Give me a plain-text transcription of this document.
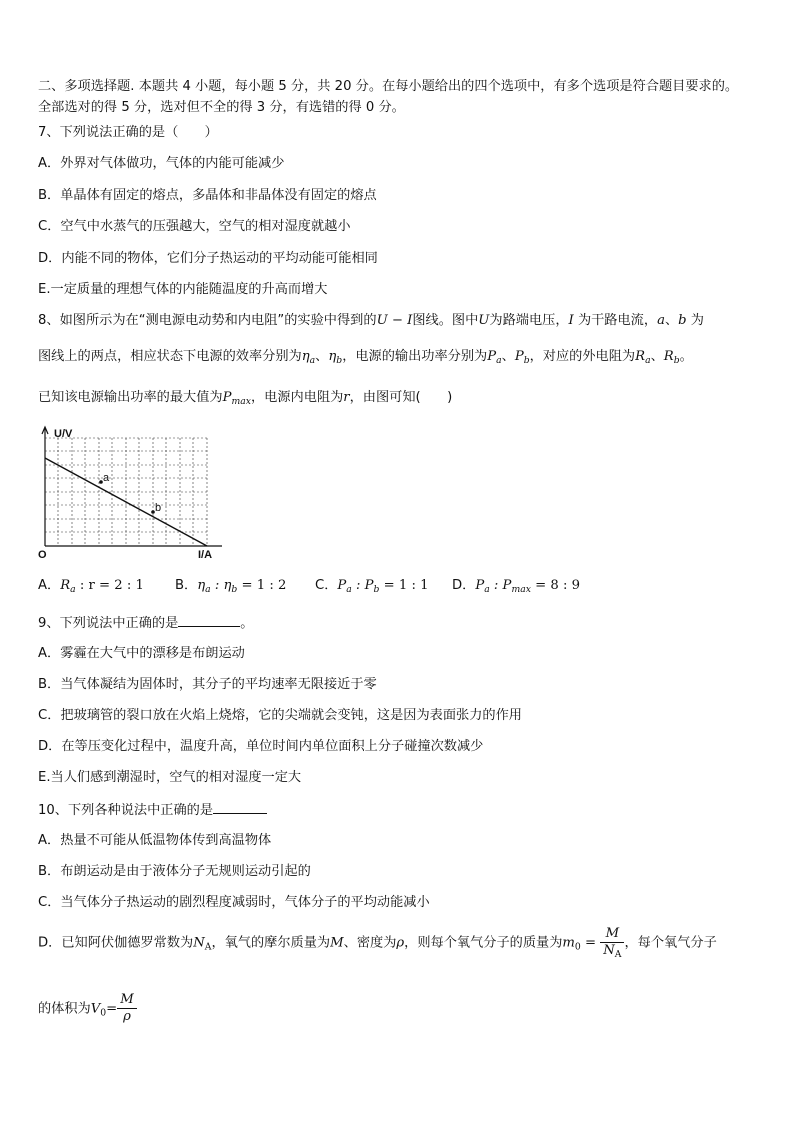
二、多项选择题. 本题共 4 小题，每小题 5 分，共 20 分。在每小题给出的四个选项中，有多个选项是符合题目要求的。
全部选对的得 5 分，选对但不全的得 3 分，有选错的得 0 分。
7、下列说法正确的是（　　）
A．外界对气体做功，气体的内能可能减少
B．单晶体有固定的熔点，多晶体和非晶体没有固定的熔点
C．空气中水蒸气的压强越大，空气的相对湿度就越小
D．内能不同的物体，它们分子热运动的平均动能可能相同
E.一定质量的理想气体的内能随温度的升高而增大
8、如图所示为在“测电源电动势和内电阻”的实验中得到的U − I图线。图中U为路端电压，I 为干路电流，a、b 为
图线上的两点，相应状态下电源的效率分别为$\eta_a$、$\eta_b$，电源的输出功率分别为$P_a$、$P_b$，对应的外电阻为$R_a$、$R_b$。
已知该电源输出功率的最大值为$P_{max}$，电源内电阻为r，由图可知(　　)
a
b
U/V
I/A
O
A．$R_a$ : r = 2 : 1 B．$\eta_a$ : $\eta_b = 1$ : 2 C．$P_a$ : $P_b = 1$ : 1 D．$P_a$ : $P_{max} = 8$ : 9
9、下列说法中正确的是	。
A．雾霾在大气中的漂移是布朗运动
B．当气体凝结为固体时，其分子的平均速率无限接近于零
C．把玻璃管的裂口放在火焰上烧熔，它的尖端就会变钝，这是因为表面张力的作用
D．在等压变化过程中，温度升高，单位时间内单位面积上分子碰撞次数减少
E.当人们感到潮湿时，空气的相对湿度一定大
10、下列各种说法中正确的是
A．热量不可能从低温物体传到高温物体
B．布朗运动是由于液体分子无规则运动引起的
C．当气体分子热运动的剧烈程度减弱时，气体分子的平均动能减小
D．已知阿伏伽德罗常数为$N_A$，氧气的摩尔质量为M、密度为ρ，则每个氧气分子的质量为$m_0 = \frac{M}{N_A}$ ，每个氧气分子
的体积为$V_0= \frac{M}{\rho}$
